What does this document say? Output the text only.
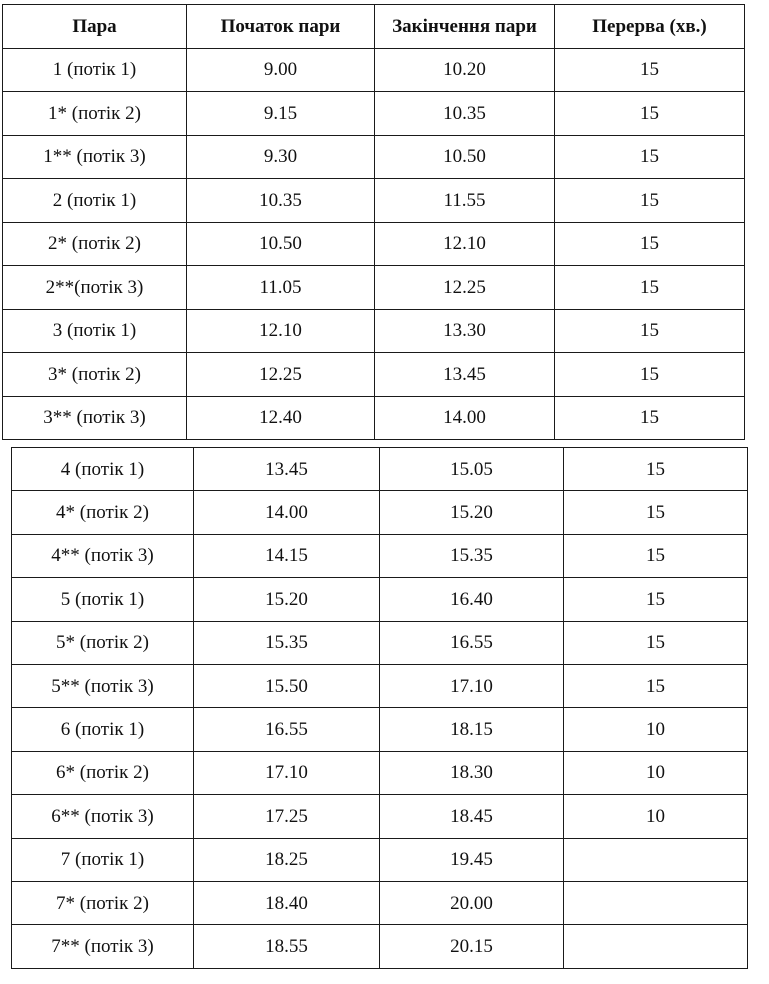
Пара	Початок пари	Закінчення пари	Перерва (хв.)
1 (потік 1)	9.00	10.20	15
1* (потік 2)	9.15	10.35	15
1** (потік 3)	9.30	10.50	15
2 (потік 1)	10.35	11.55	15
2* (потік 2)	10.50	12.10	15
2**(потік 3)	11.05	12.25	15
3 (потік 1)	12.10	13.30	15
3* (потік 2)	12.25	13.45	15
3** (потік 3)	12.40	14.00	15
4 (потік 1)	13.45	15.05	15
4* (потік 2)	14.00	15.20	15
4** (потік 3)	14.15	15.35	15
5 (потік 1)	15.20	16.40	15
5* (потік 2)	15.35	16.55	15
5** (потік 3)	15.50	17.10	15
6 (потік 1)	16.55	18.15	10
6* (потік 2)	17.10	18.30	10
6** (потік 3)	17.25	18.45	10
7 (потік 1)	18.25	19.45	
7* (потік 2)	18.40	20.00	
7** (потік 3)	18.55	20.15	
